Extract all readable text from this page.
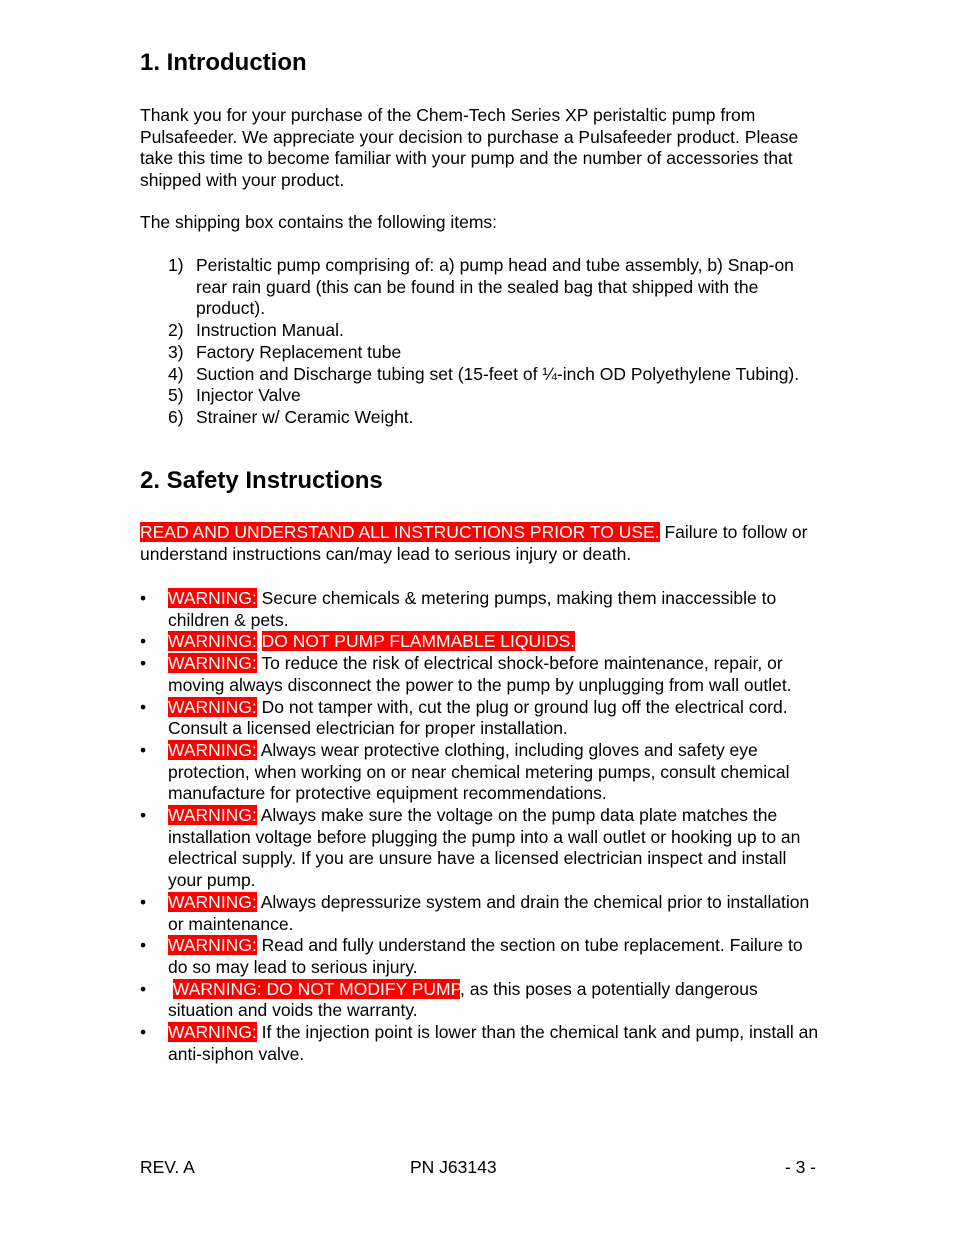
1. Introduction
Thank you for your purchase of the Chem-Tech Series XP peristaltic pump from Pulsafeeder. We appreciate your decision to purchase a Pulsafeeder product. Please take this time to become familiar with your pump and the number of accessories that shipped with your product.
The shipping box contains the following items:
1) Peristaltic pump comprising of: a) pump head and tube assembly, b) Snap-on rear rain guard (this can be found in the sealed bag that shipped with the product).
2) Instruction Manual.
3) Factory Replacement tube
4) Suction and Discharge tubing set (15-feet of ¼-inch OD Polyethylene Tubing).
5) Injector Valve
6) Strainer w/ Ceramic Weight.
2. Safety Instructions
READ AND UNDERSTAND ALL INSTRUCTIONS PRIOR TO USE. Failure to follow or understand instructions can/may lead to serious injury or death.
• WARNING: Secure chemicals & metering pumps, making them inaccessible to children & pets.
• WARNING: DO NOT PUMP FLAMMABLE LIQUIDS.
• WARNING: To reduce the risk of electrical shock-before maintenance, repair, or moving always disconnect the power to the pump by unplugging from wall outlet.
• WARNING: Do not tamper with, cut the plug or ground lug off the electrical cord. Consult a licensed electrician for proper installation.
• WARNING: Always wear protective clothing, including gloves and safety eye protection, when working on or near chemical metering pumps, consult chemical manufacture for protective equipment recommendations.
• WARNING: Always make sure the voltage on the pump data plate matches the installation voltage before plugging the pump into a wall outlet or hooking up to an electrical supply. If you are unsure have a licensed electrician inspect and install your pump.
• WARNING: Always depressurize system and drain the chemical prior to installation or maintenance.
• WARNING: Read and fully understand the section on tube replacement. Failure to do so may lead to serious injury.
• WARNING: DO NOT MODIFY PUMP, as this poses a potentially dangerous situation and voids the warranty.
• WARNING: If the injection point is lower than the chemical tank and pump, install an anti-siphon valve.
REV. A	PN J63143	- 3 -
